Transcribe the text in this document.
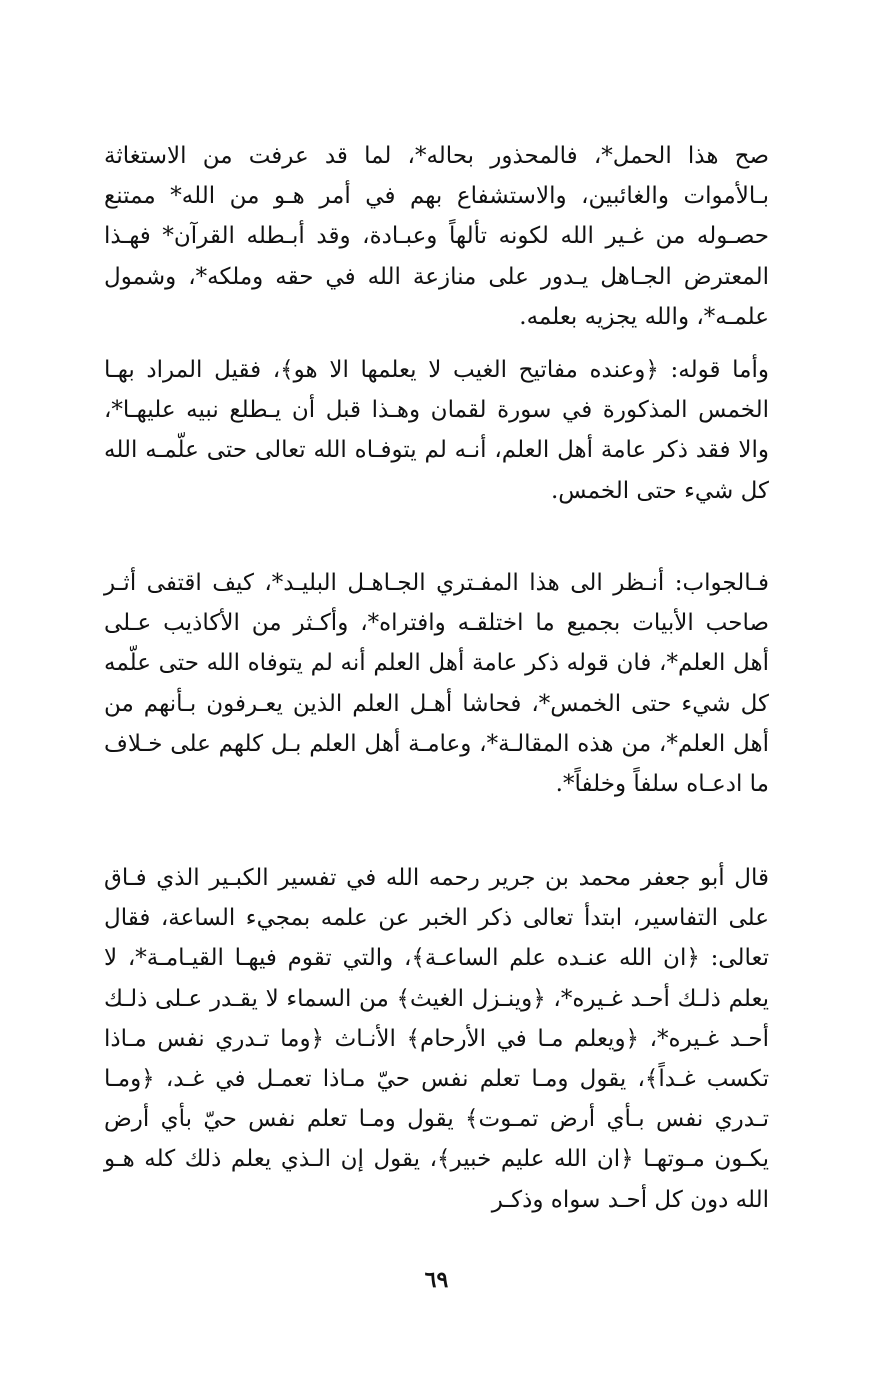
صح هذا الحمل*، فالمحذور بحاله*، لما قد عرفت من الاستغاثة بـالأموات والغائبين، والاستشفاع بهم في أمر هـو من الله* ممتنع حصـوله من غـير الله لكونه تألهاً وعبـادة، وقد أبـطله القرآن* فهـذا المعترض الجـاهل يـدور على منازعة الله في حقه وملكه*، وشمول علمـه*، والله يجزيه بعلمه.

وأما قوله: ﴿وعنده مفاتيح الغيب لا يعلمها الا هو﴾، فقيل المراد بهـا الخمس المذكورة في سورة لقمان وهـذا قبل أن يـطلع نبيه عليهـا*، والا فقد ذكر عامة أهل العلم، أنـه لم يتوفـاه الله تعالى حتى علّمـه الله كل شيء حتى الخمس.

فـالجواب: أنـظر الى هذا المفـتري الجـاهـل البليـد*، كيف اقتفى أثـر صاحب الأبيات بجميع ما اختلقـه وافتراه*، وأكـثر من الأكاذيب عـلى أهل العلم*، فان قوله ذكر عامة أهل العلم أنه لم يتوفاه الله حتى علّمه كل شيء حتى الخمس*، فحاشا أهـل العلم الذين يعـرفون بـأنهم من أهل العلم*، من هذه المقالـة*، وعامـة أهل العلم بـل كلهم على خـلاف ما ادعـاه سلفاً وخلفاً*.

قال أبو جعفر محمد بن جرير رحمه الله في تفسير الكبـير الذي فـاق على التفاسير، ابتدأ تعالى ذكر الخبر عن علمه بمجيء الساعة، فقال تعالى: ﴿ان الله عنـده علم الساعـة﴾، والتي تقوم فيهـا القيـامـة*، لا يعلم ذلـك أحـد غـيره*، ﴿وينـزل الغيث﴾ من السماء لا يقـدر عـلى ذلـك أحـد غـيره*، ﴿ويعلم مـا في الأرحام﴾ الأنـاث ﴿وما تـدري نفس مـاذا تكسب غـداً﴾، يقول ومـا تعلم نفس حيّ مـاذا تعمـل في غـد، ﴿ومـا تـدري نفس بـأي أرض تمـوت﴾ يقول ومـا تعلم نفس حيّ بأي أرض يكـون مـوتهـا ﴿ان الله عليم خبير﴾، يقول إن الـذي يعلم ذلك كله هـو الله دون كل أحـد سواه وذكـر

٦٩
